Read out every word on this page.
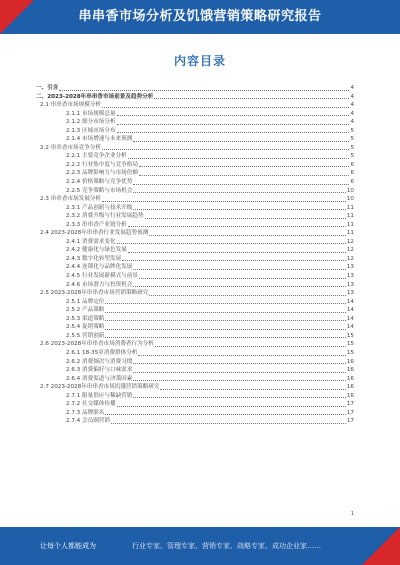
串串香市场分析及饥饿营销策略研究报告
内容目录
一、引言	4
二、2023-2028年串串香市场前景及趋势分析	4
2.1 串串香市场规模分析	4
2.1.1 市场规模总量	4
2.1.2 细分市场分析	4
2.1.3 区域市场分布	5
2.1.4 市场增速与未来预测	5
2.2 串串香市场竞争分析	5
2.2.1 主要竞争企业分析	5
2.2.2 行业集中度与竞争格局	6
2.2.3 品牌影响力与市场份额	6
2.2.4 价格策略与竞争优势	6
2.2.5 竞争策略与市场机会	10
2.3 串串香市场发展分析	10
2.3.1 产品创新与技术升级	11
2.3.2 消费升级与行业发展趋势	11
2.3.3 串串香产业链分析	11
2.4 2023-2028年串串香行业发展趋势预测	11
2.4.1 消费需求变化	12
2.4.2 健康化与绿色发展	12
2.4.3 数字化转型发展	12
2.4.4 连锁化与品牌化发展	13
2.4.5 行业发展新模式与前景	13
2.4.6 市场潜力与投资机会	13
2.5 2023-2028年串串香市场营销策略研究	13
2.5.1 品牌定位	14
2.5.2 产品策略	14
2.5.3 渠道策略	14
2.5.4 促销策略	14
2.5.5 营销创新	15
2.6 2023-2028年串串香市场消费者行为分析	15
2.6.1 18-35岁消费群体分析	15
2.6.2 消费频次与消费习惯	16
2.6.3 消费偏好与口味需求	16
2.6.4 消费渠道与决策因素	16
2.7 2023-2028年串串香市场饥饿营销策略研究	16
2.7.1 限量供应与稀缺营销	16
2.7.2 社交媒体传播	17
2.7.3 品牌联名	17
2.7.4 会员制营销	17
1
让每个人都能成为	行业专家、管理专家、营销专家、战略专家、成功企业家……
